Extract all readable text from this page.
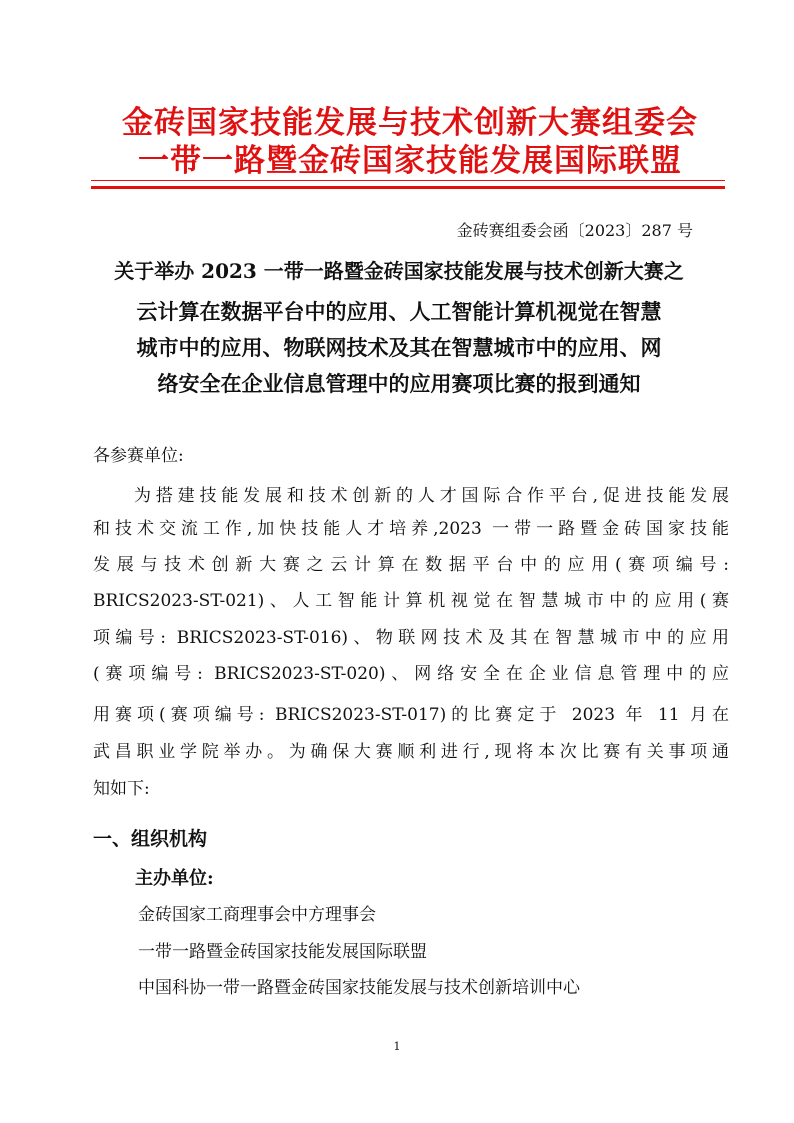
金砖国家技能发展与技术创新大赛组委会
一带一路暨金砖国家技能发展国际联盟
金砖赛组委会函〔2023〕287 号
关于举办 2023 一带一路暨金砖国家技能发展与技术创新大赛之
云计算在数据平台中的应用、人工智能计算机视觉在智慧
城市中的应用、物联网技术及其在智慧城市中的应用、网
络安全在企业信息管理中的应用赛项比赛的报到通知
各参赛单位:
为搭建技能发展和技术创新的人才国际合作平台,促进技能发展
和技术交流工作,加快技能人才培养,2023 一带一路暨金砖国家技能
发展与技术创新大赛之云计算在数据平台中的应用(赛项编号:
BRICS2023-ST-021)、人工智能计算机视觉在智慧城市中的应用(赛
项编号: BRICS2023-ST-016)、物联网技术及其在智慧城市中的应用
(赛项编号: BRICS2023-ST-020)、网络安全在企业信息管理中的应
用赛项(赛项编号: BRICS2023-ST-017)的比赛定于 2023 年 11 月在
武昌职业学院举办。为确保大赛顺利进行,现将本次比赛有关事项通
知如下:
一、组织机构
主办单位:
金砖国家工商理事会中方理事会
一带一路暨金砖国家技能发展国际联盟
中国科协一带一路暨金砖国家技能发展与技术创新培训中心
1
